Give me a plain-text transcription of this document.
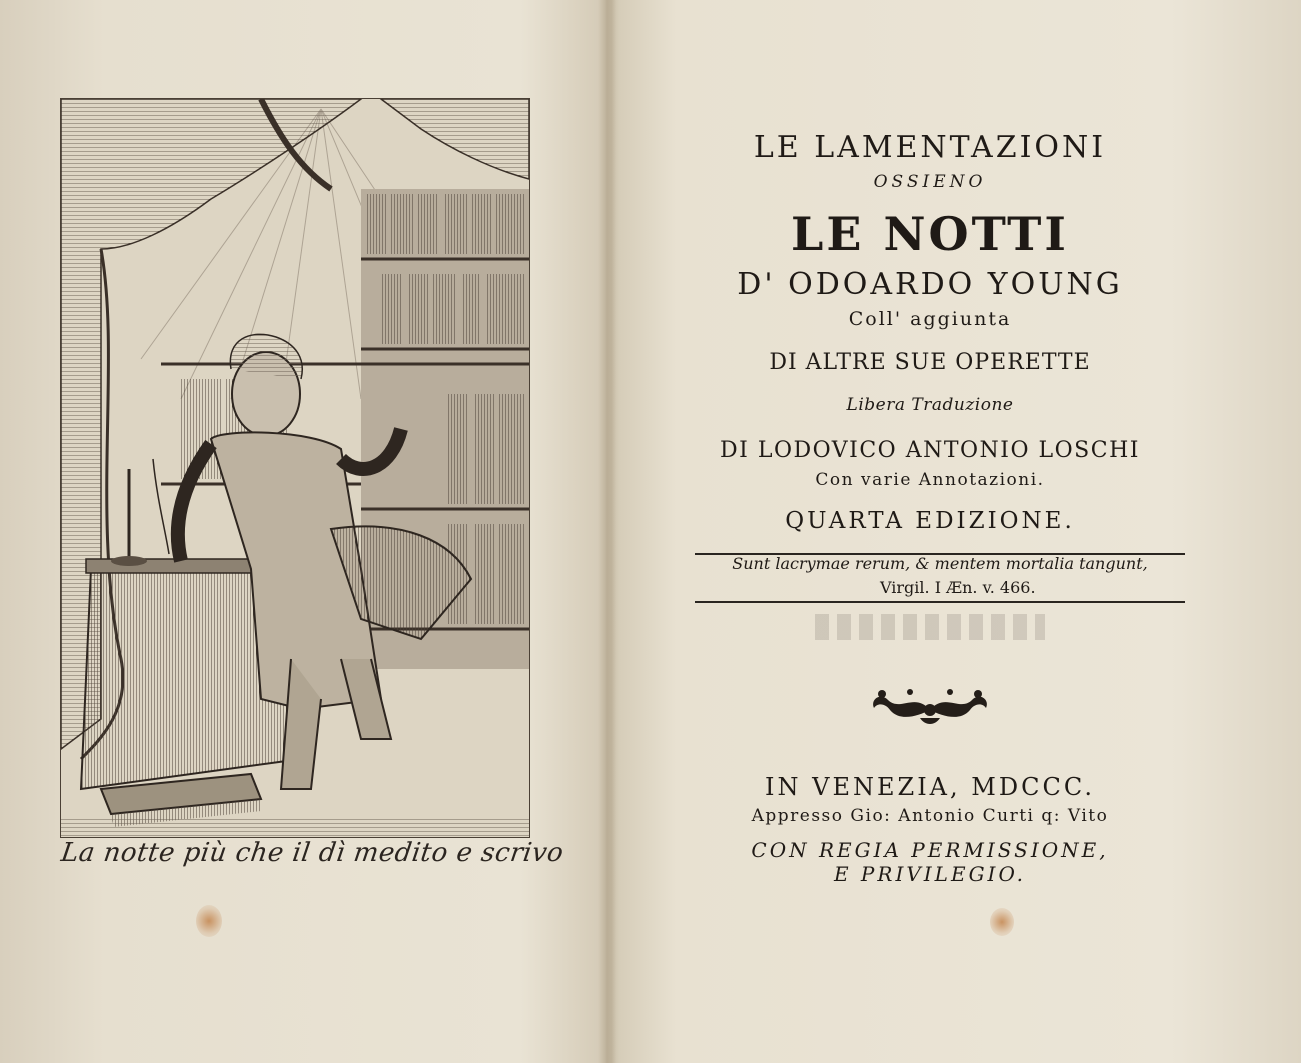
La notte più che il dì medito e scrivo
LE LAMENTAZIONI
OSSIENO
LE NOTTI
D' ODOARDO YOUNG
Coll' aggiunta
DI ALTRE SUE OPERETTE
Libera Traduzione
DI LODOVICO ANTONIO LOSCHI
Con varie Annotazioni.
QUARTA EDIZIONE.
Sunt lacrymae rerum, & mentem mortalia tangunt,
Virgil. I Æn. v. 466.
IN VENEZIA, MDCCC.
Appresso Gio: Antonio Curti q: Vito
CON REGIA PERMISSIONE,
E PRIVILEGIO.
